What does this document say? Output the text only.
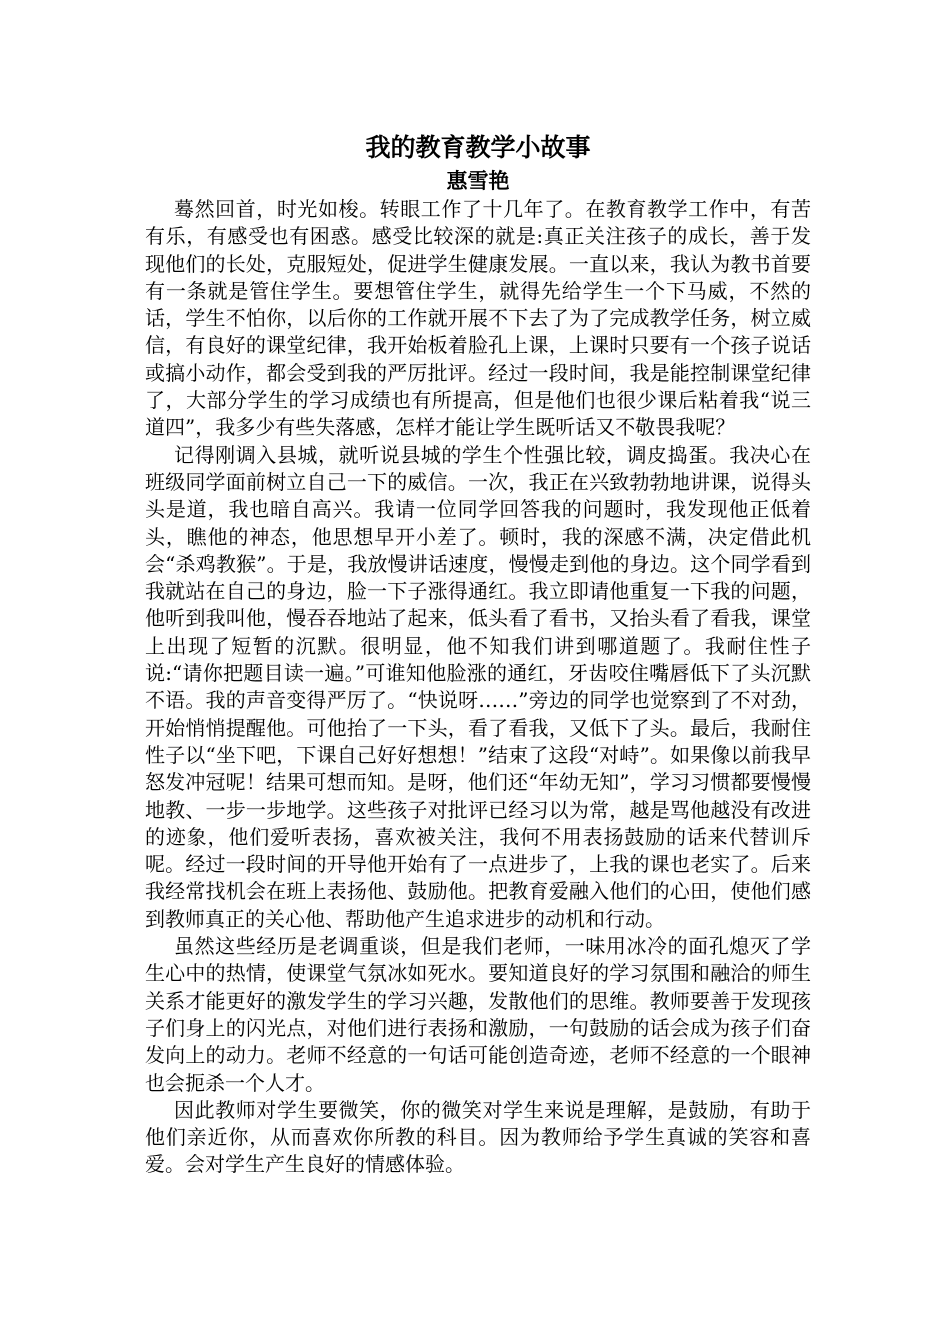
我的教育教学小故事
惠雪艳

蓦然回首，时光如梭。转眼工作了十几年了。在教育教学工作中，有苦有乐，有感受也有困惑。感受比较深的就是:真正关注孩子的成长，善于发现他们的长处，克服短处，促进学生健康发展。一直以来，我认为教书首要有一条就是管住学生。要想管住学生，就得先给学生一个下马威，不然的话，学生不怕你，以后你的工作就开展不下去了为了完成教学任务，树立威信，有良好的课堂纪律，我开始板着脸孔上课，上课时只要有一个孩子说话或搞小动作，都会受到我的严厉批评。经过一段时间，我是能控制课堂纪律了，大部分学生的学习成绩也有所提高，但是他们也很少课后粘着我“说三道四”，我多少有些失落感，怎样才能让学生既听话又不敬畏我呢？

记得刚调入县城，就听说县城的学生个性强比较，调皮捣蛋。我决心在班级同学面前树立自己一下的威信。一次，我正在兴致勃勃地讲课，说得头头是道，我也暗自高兴。我请一位同学回答我的问题时，我发现他正低着头，瞧他的神态，他思想早开小差了。顿时，我的深感不满，决定借此机会“杀鸡教猴”。于是，我放慢讲话速度，慢慢走到他的身边。这个同学看到我就站在自己的身边，脸一下子涨得通红。我立即请他重复一下我的问题，他听到我叫他，慢吞吞地站了起来，低头看了看书，又抬头看了看我，课堂上出现了短暂的沉默。很明显，他不知我们讲到哪道题了。我耐住性子说:“请你把题目读一遍。”可谁知他脸涨的通红，牙齿咬住嘴唇低下了头沉默不语。我的声音变得严厉了。“快说呀……”旁边的同学也觉察到了不对劲，开始悄悄提醒他。可他抬了一下头，看了看我，又低下了头。最后，我耐住性子以“坐下吧，下课自己好好想想！”结束了这段“对峙”。如果像以前我早怒发冲冠呢！结果可想而知。是呀，他们还“年幼无知”，学习习惯都要慢慢地教、一步一步地学。这些孩子对批评已经习以为常，越是骂他越没有改进的迹象，他们爱听表扬，喜欢被关注，我何不用表扬鼓励的话来代替训斥呢。经过一段时间的开导他开始有了一点进步了，上我的课也老实了。后来我经常找机会在班上表扬他、鼓励他。把教育爱融入他们的心田，使他们感到教师真正的关心他、帮助他产生追求进步的动机和行动。

虽然这些经历是老调重谈，但是我们老师，一味用冰冷的面孔熄灭了学生心中的热情，使课堂气氛冰如死水。要知道良好的学习氛围和融洽的师生关系才能更好的激发学生的学习兴趣，发散他们的思维。教师要善于发现孩子们身上的闪光点，对他们进行表扬和激励，一句鼓励的话会成为孩子们奋发向上的动力。老师不经意的一句话可能创造奇迹，老师不经意的一个眼神也会扼杀一个人才。

因此教师对学生要微笑，你的微笑对学生来说是理解，是鼓励，有助于他们亲近你，从而喜欢你所教的科目。因为教师给予学生真诚的笑容和喜爱。会对学生产生良好的情感体验。
